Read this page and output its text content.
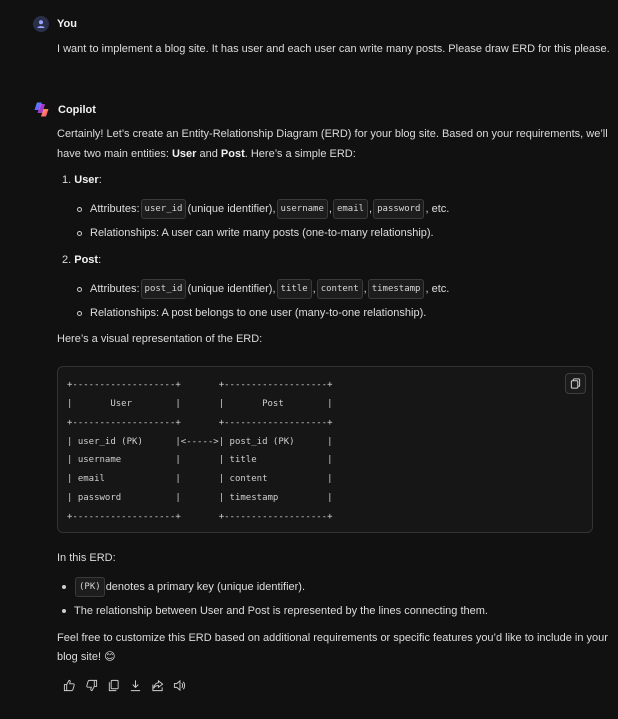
You
I want to implement a blog site. It has user and each user can write many posts. Please draw ERD for this please.
Copilot
Certainly! Let’s create an Entity-Relationship Diagram (ERD) for your blog site. Based on your requirements, we’ll
have two main entities: User and Post. Here’s a simple ERD:
1. User:
Attributes: user_id (unique identifier), username , email , password , etc.
Relationships: A user can write many posts (one-to-many relationship).
2. Post:
Attributes: post_id (unique identifier), title , content , timestamp , etc.
Relationships: A post belongs to one user (many-to-one relationship).
Here’s a visual representation of the ERD:
+-------------------+       +-------------------+
|       User        |       |       Post        |
+-------------------+       +-------------------+
| user_id (PK)      |<----->| post_id (PK)      |
| username          |       | title             |
| email             |       | content           |
| password          |       | timestamp         |
+-------------------+       +-------------------+
In this ERD:
(PK) denotes a primary key (unique identifier).
The relationship between User and Post is represented by the lines connecting them.
Feel free to customize this ERD based on additional requirements or specific features you’d like to include in your
blog site! 😊
